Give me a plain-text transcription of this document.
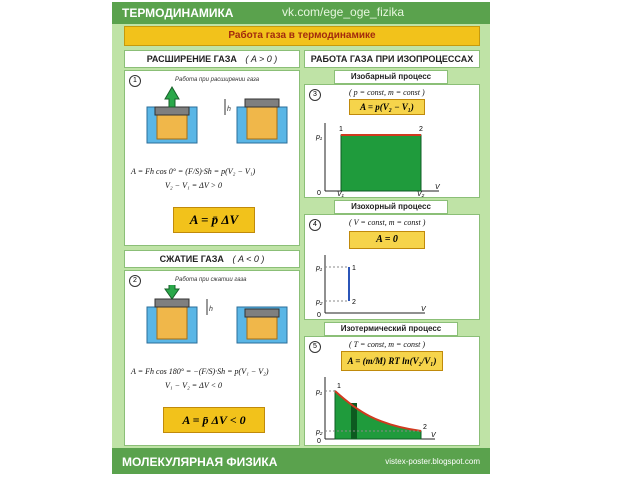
ТЕРМОДИНАМИКА	vk.com/ege_oge_fizika
Работа газа в термодинамике
РАСШИРЕНИЕ ГАЗА ( A > 0 )
1	Работа при расширении газа
h
A = Fh cos 0° = (F/S)·Sh = p(V₂ − V₁)
V₂ − V₁ = ΔV > 0
A = p̄ ΔV
СЖАТИЕ ГАЗА ( A < 0 )
2	Работа при сжатии газа
h
A = Fh cos 180° = −(F/S)·Sh = p(V₁ − V₂)
V₁ − V₂ = ΔV < 0
A = p̄ ΔV < 0
РАБОТА ГАЗА ПРИ ИЗОПРОЦЕССАХ
Изобарный процесс
3	( p = const, m = const )
A = p(V₂ − V₁)
p₁
0
1	2
V₁	V₂
V
Изохорный процесс
4	( V = const, m = const )
A = 0
p₁
p₂
1
2
0
V
Изотермический процесс
5	( T = const, m = const )
A = (m/M) RT ln(V₂/V₁)
p₁
p₂
1
2
0
V
МОЛЕКУЛЯРНАЯ ФИЗИКА	vistex-poster.blogspot.com
